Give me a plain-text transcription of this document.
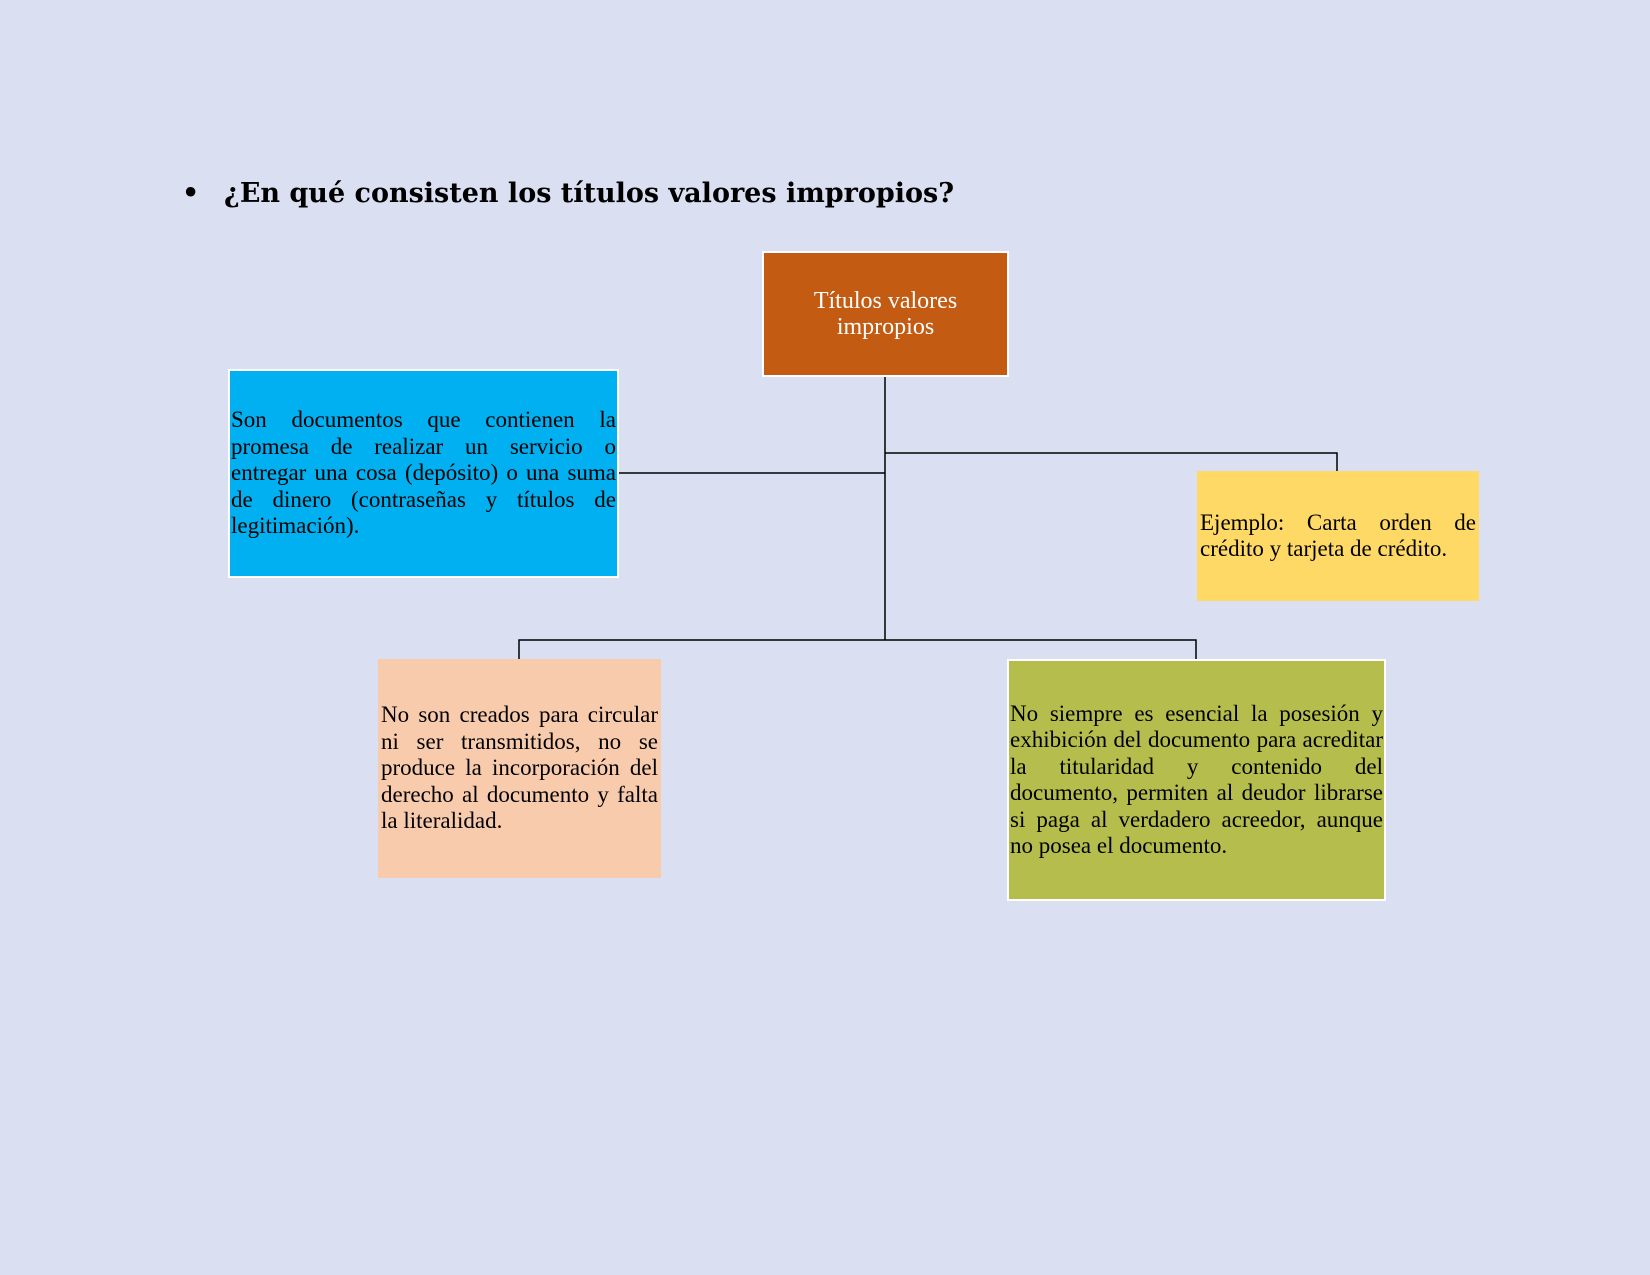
• ¿En qué consisten los títulos valores impropios?
Títulos valores impropios
Son documentos que contienen la promesa de realizar un servicio o entregar una cosa (depósito) o una suma de dinero (contraseñas y títulos de legitimación).	Ejemplo: Carta orden de crédito y tarjeta de crédito.
No son creados para circular ni ser transmitidos, no se produce la incorporación del derecho al documento y falta la literalidad.
No siempre es esencial la posesión y exhibición del documento para acreditar la titularidad y contenido del documento, permiten al deudor librarse si paga al verdadero acreedor, aunque no posea el documento.
